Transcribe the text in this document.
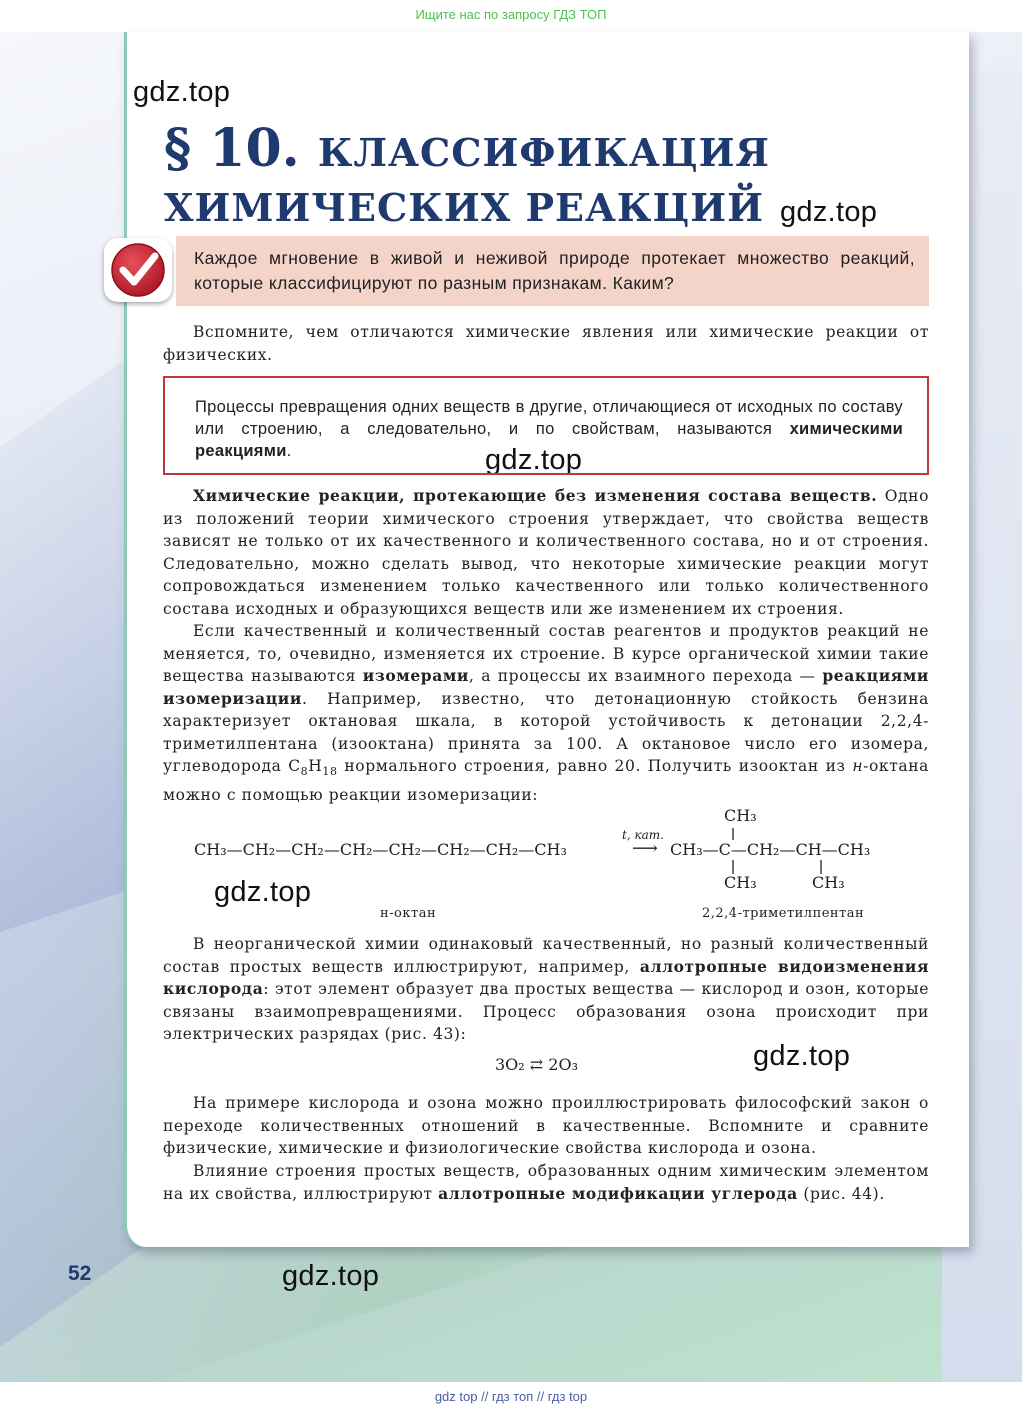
Ищите нас по запросу ГДЗ ТОП
gdz.top
gdz.top
gdz.top
gdz.top
gdz.top
gdz.top
§ 10. КЛАССИФИКАЦИЯ
ХИМИЧЕСКИХ РЕАКЦИЙ
Каждое мгновение в живой и неживой природе протекает множество реакций, которые классифицируют по разным признакам. Каким?
Вспомните, чем отличаются химические явления или химические реакции от физических.
Процессы превращения одних веществ в другие, отличающиеся от исходных по составу или строению, а следовательно, и по свойствам, называются химическими реакциями.
Химические реакции, протекающие без изменения состава веществ. Одно из положений теории химического строения утверждает, что свойства веществ зависят не только от их качественного и количественного состава, но и от строения. Следовательно, можно сделать вывод, что некоторые химические реакции могут сопровождаться изменением только качественного или только количественного состава исходных и образующихся веществ или же изменением их строения.
Если качественный и количественный состав реагентов и продуктов реакций не меняется, то, очевидно, изменяется их строение. В курсе органической химии такие вещества называются изомерами, а процессы их взаимного перехода — реакциями изомеризации. Например, известно, что детонационную стойкость бензина характеризует октановая шкала, в которой устойчивость к детонации 2,2,4-триметилпентана (изооктана) принята за 100. А октановое число его изомера, углеводорода $C_8H_{18}$ нормального строения, равно 20. Получить изооктан из н-октана можно с помощью реакции изомеризации:
CH₃—CH₂—CH₂—CH₂—CH₂—CH₂—CH₂—CH₃
t, кат.
⟶ CH₃—C—CH₂—CH—CH₃
CH₃
CH₃	CH₃
н-октан	2,2,4-триметилпентан
В неорганической химии одинаковый качественный, но разный количественный состав простых веществ иллюстрируют, например, аллотропные видоизменения кислорода: этот элемент образует два простых вещества — кислород и озон, которые связаны взаимопревращениями. Процесс образования озона происходит при электрических разрядах (рис. 43):
3O₂ ⇄ 2O₃
На примере кислорода и озона можно проиллюстрировать философский закон о переходе количественных отношений в качественные. Вспомните и сравните физические, химические и физиологические свойства кислорода и озона.
Влияние строения простых веществ, образованных одним химическим элементом на их свойства, иллюстрируют аллотропные модификации углерода (рис. 44).
52
gdz top // гдз топ // гдз top
